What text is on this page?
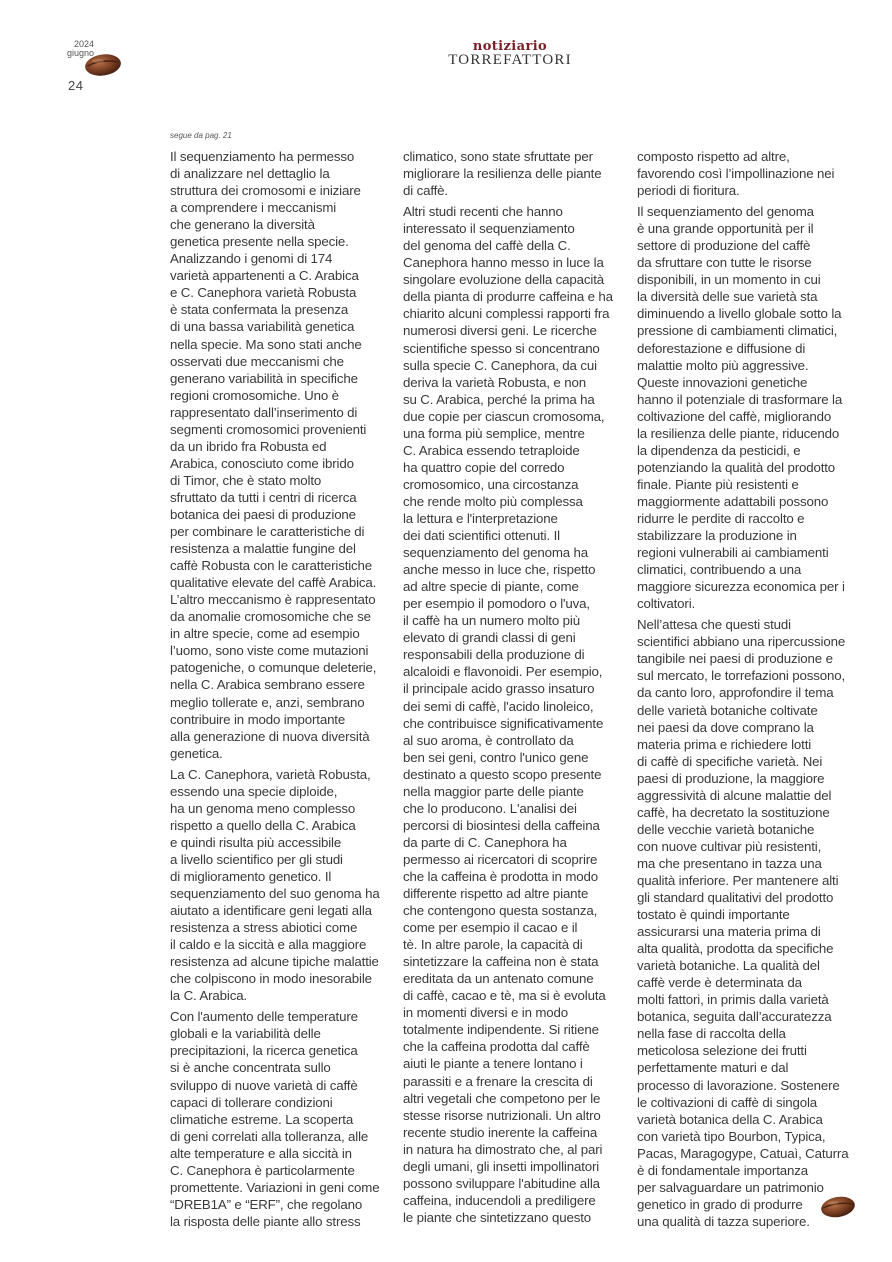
2024
giugno
24
notiziario
TORREFATTORI
segue da pag. 21

Il sequenziamento ha permesso
di analizzare nel dettaglio la
struttura dei cromosomi e iniziare
a comprendere i meccanismi
che generano la diversità
genetica presente nella specie.
Analizzando i genomi di 174
varietà appartenenti a C. Arabica
e C. Canephora varietà Robusta
è stata confermata la presenza
di una bassa variabilità genetica
nella specie. Ma sono stati anche
osservati due meccanismi che
generano variabilità in specifiche
regioni cromosomiche. Uno è
rappresentato dall’inserimento di
segmenti cromosomici provenienti
da un ibrido fra Robusta ed
Arabica, conosciuto come ibrido
di Timor, che è stato molto
sfruttato da tutti i centri di ricerca
botanica dei paesi di produzione
per combinare le caratteristiche di
resistenza a malattie fungine del
caffè Robusta con le caratteristiche
qualitative elevate del caffè Arabica.
L’altro meccanismo è rappresentato
da anomalie cromosomiche che se
in altre specie, come ad esempio
l’uomo, sono viste come mutazioni
patogeniche, o comunque deleterie,
nella C. Arabica sembrano essere
meglio tollerate e, anzi, sembrano
contribuire in modo importante
alla generazione di nuova diversità
genetica.

La C. Canephora, varietà Robusta,
essendo una specie diploide,
ha un genoma meno complesso
rispetto a quello della C. Arabica
e quindi risulta più accessibile
a livello scientifico per gli studi
di miglioramento genetico. Il
sequenziamento del suo genoma ha
aiutato a identificare geni legati alla
resistenza a stress abiotici come
il caldo e la siccità e alla maggiore
resistenza ad alcune tipiche malattie
che colpiscono in modo inesorabile
la C. Arabica.

Con l'aumento delle temperature
globali e la variabilità delle
precipitazioni, la ricerca genetica
si è anche concentrata sullo
sviluppo di nuove varietà di caffè
capaci di tollerare condizioni
climatiche estreme. La scoperta
di geni correlati alla tolleranza, alle
alte temperature e alla siccità in
C. Canephora è particolarmente
promettente. Variazioni in geni come
“DREB1A” e “ERF”, che regolano
la risposta delle piante allo stress

climatico, sono state sfruttate per
migliorare la resilienza delle piante
di caffè.

Altri studi recenti che hanno
interessato il sequenziamento
del genoma del caffè della C.
Canephora hanno messo in luce la
singolare evoluzione della capacità
della pianta di produrre caffeina e ha
chiarito alcuni complessi rapporti fra
numerosi diversi geni. Le ricerche
scientifiche spesso si concentrano
sulla specie C. Canephora, da cui
deriva la varietà Robusta, e non
su C. Arabica, perché la prima ha
due copie per ciascun cromosoma,
una forma più semplice, mentre
C. Arabica essendo tetraploide
ha quattro copie del corredo
cromosomico, una circostanza
che rende molto più complessa
la lettura e l'interpretazione
dei dati scientifici ottenuti. Il
sequenziamento del genoma ha
anche messo in luce che, rispetto
ad altre specie di piante, come
per esempio il pomodoro o l'uva,
il caffè ha un numero molto più
elevato di grandi classi di geni
responsabili della produzione di
alcaloidi e flavonoidi. Per esempio,
il principale acido grasso insaturo
dei semi di caffè, l'acido linoleico,
che contribuisce significativamente
al suo aroma, è controllato da
ben sei geni, contro l'unico gene
destinato a questo scopo presente
nella maggior parte delle piante
che lo producono. L'analisi dei
percorsi di biosintesi della caffeina
da parte di C. Canephora ha
permesso ai ricercatori di scoprire
che la caffeina è prodotta in modo
differente rispetto ad altre piante
che contengono questa sostanza,
come per esempio il cacao e il
tè. In altre parole, la capacità di
sintetizzare la caffeina non è stata
ereditata da un antenato comune
di caffè, cacao e tè, ma si è evoluta
in momenti diversi e in modo
totalmente indipendente. Si ritiene
che la caffeina prodotta dal caffè
aiuti le piante a tenere lontano i
parassiti e a frenare la crescita di
altri vegetali che competono per le
stesse risorse nutrizionali. Un altro
recente studio inerente la caffeina
in natura ha dimostrato che, al pari
degli umani, gli insetti impollinatori
possono sviluppare l'abitudine alla
caffeina, inducendoli a prediligere
le piante che sintetizzano questo

composto rispetto ad altre,
favorendo così l’impollinazione nei
periodi di fioritura.

Il sequenziamento del genoma
è una grande opportunità per il
settore di produzione del caffè
da sfruttare con tutte le risorse
disponibili, in un momento in cui
la diversità delle sue varietà sta
diminuendo a livello globale sotto la
pressione di cambiamenti climatici,
deforestazione e diffusione di
malattie molto più aggressive.
Queste innovazioni genetiche
hanno il potenziale di trasformare la
coltivazione del caffè, migliorando
la resilienza delle piante, riducendo
la dipendenza da pesticidi, e
potenziando la qualità del prodotto
finale. Piante più resistenti e
maggiormente adattabili possono
ridurre le perdite di raccolto e
stabilizzare la produzione in
regioni vulnerabili ai cambiamenti
climatici, contribuendo a una
maggiore sicurezza economica per i
coltivatori.

Nell’attesa che questi studi
scientifici abbiano una ripercussione
tangibile nei paesi di produzione e
sul mercato, le torrefazioni possono,
da canto loro, approfondire il tema
delle varietà botaniche coltivate
nei paesi da dove comprano la
materia prima e richiedere lotti
di caffè di specifiche varietà. Nei
paesi di produzione, la maggiore
aggressività di alcune malattie del
caffè, ha decretato la sostituzione
delle vecchie varietà botaniche
con nuove cultivar più resistenti,
ma che presentano in tazza una
qualità inferiore. Per mantenere alti
gli standard qualitativi del prodotto
tostato è quindi importante
assicurarsi una materia prima di
alta qualità, prodotta da specifiche
varietà botaniche. La qualità del
caffè verde è determinata da
molti fattori, in primis dalla varietà
botanica, seguita dall’accuratezza
nella fase di raccolta della
meticolosa selezione dei frutti
perfettamente maturi e dal
processo di lavorazione. Sostenere
le coltivazioni di caffè di singola
varietà botanica della C. Arabica
con varietà tipo Bourbon, Typica,
Pacas, Maragogype, Catuaì, Caturra
è di fondamentale importanza
per salvaguardare un patrimonio
genetico in grado di produrre
una qualità di tazza superiore.
